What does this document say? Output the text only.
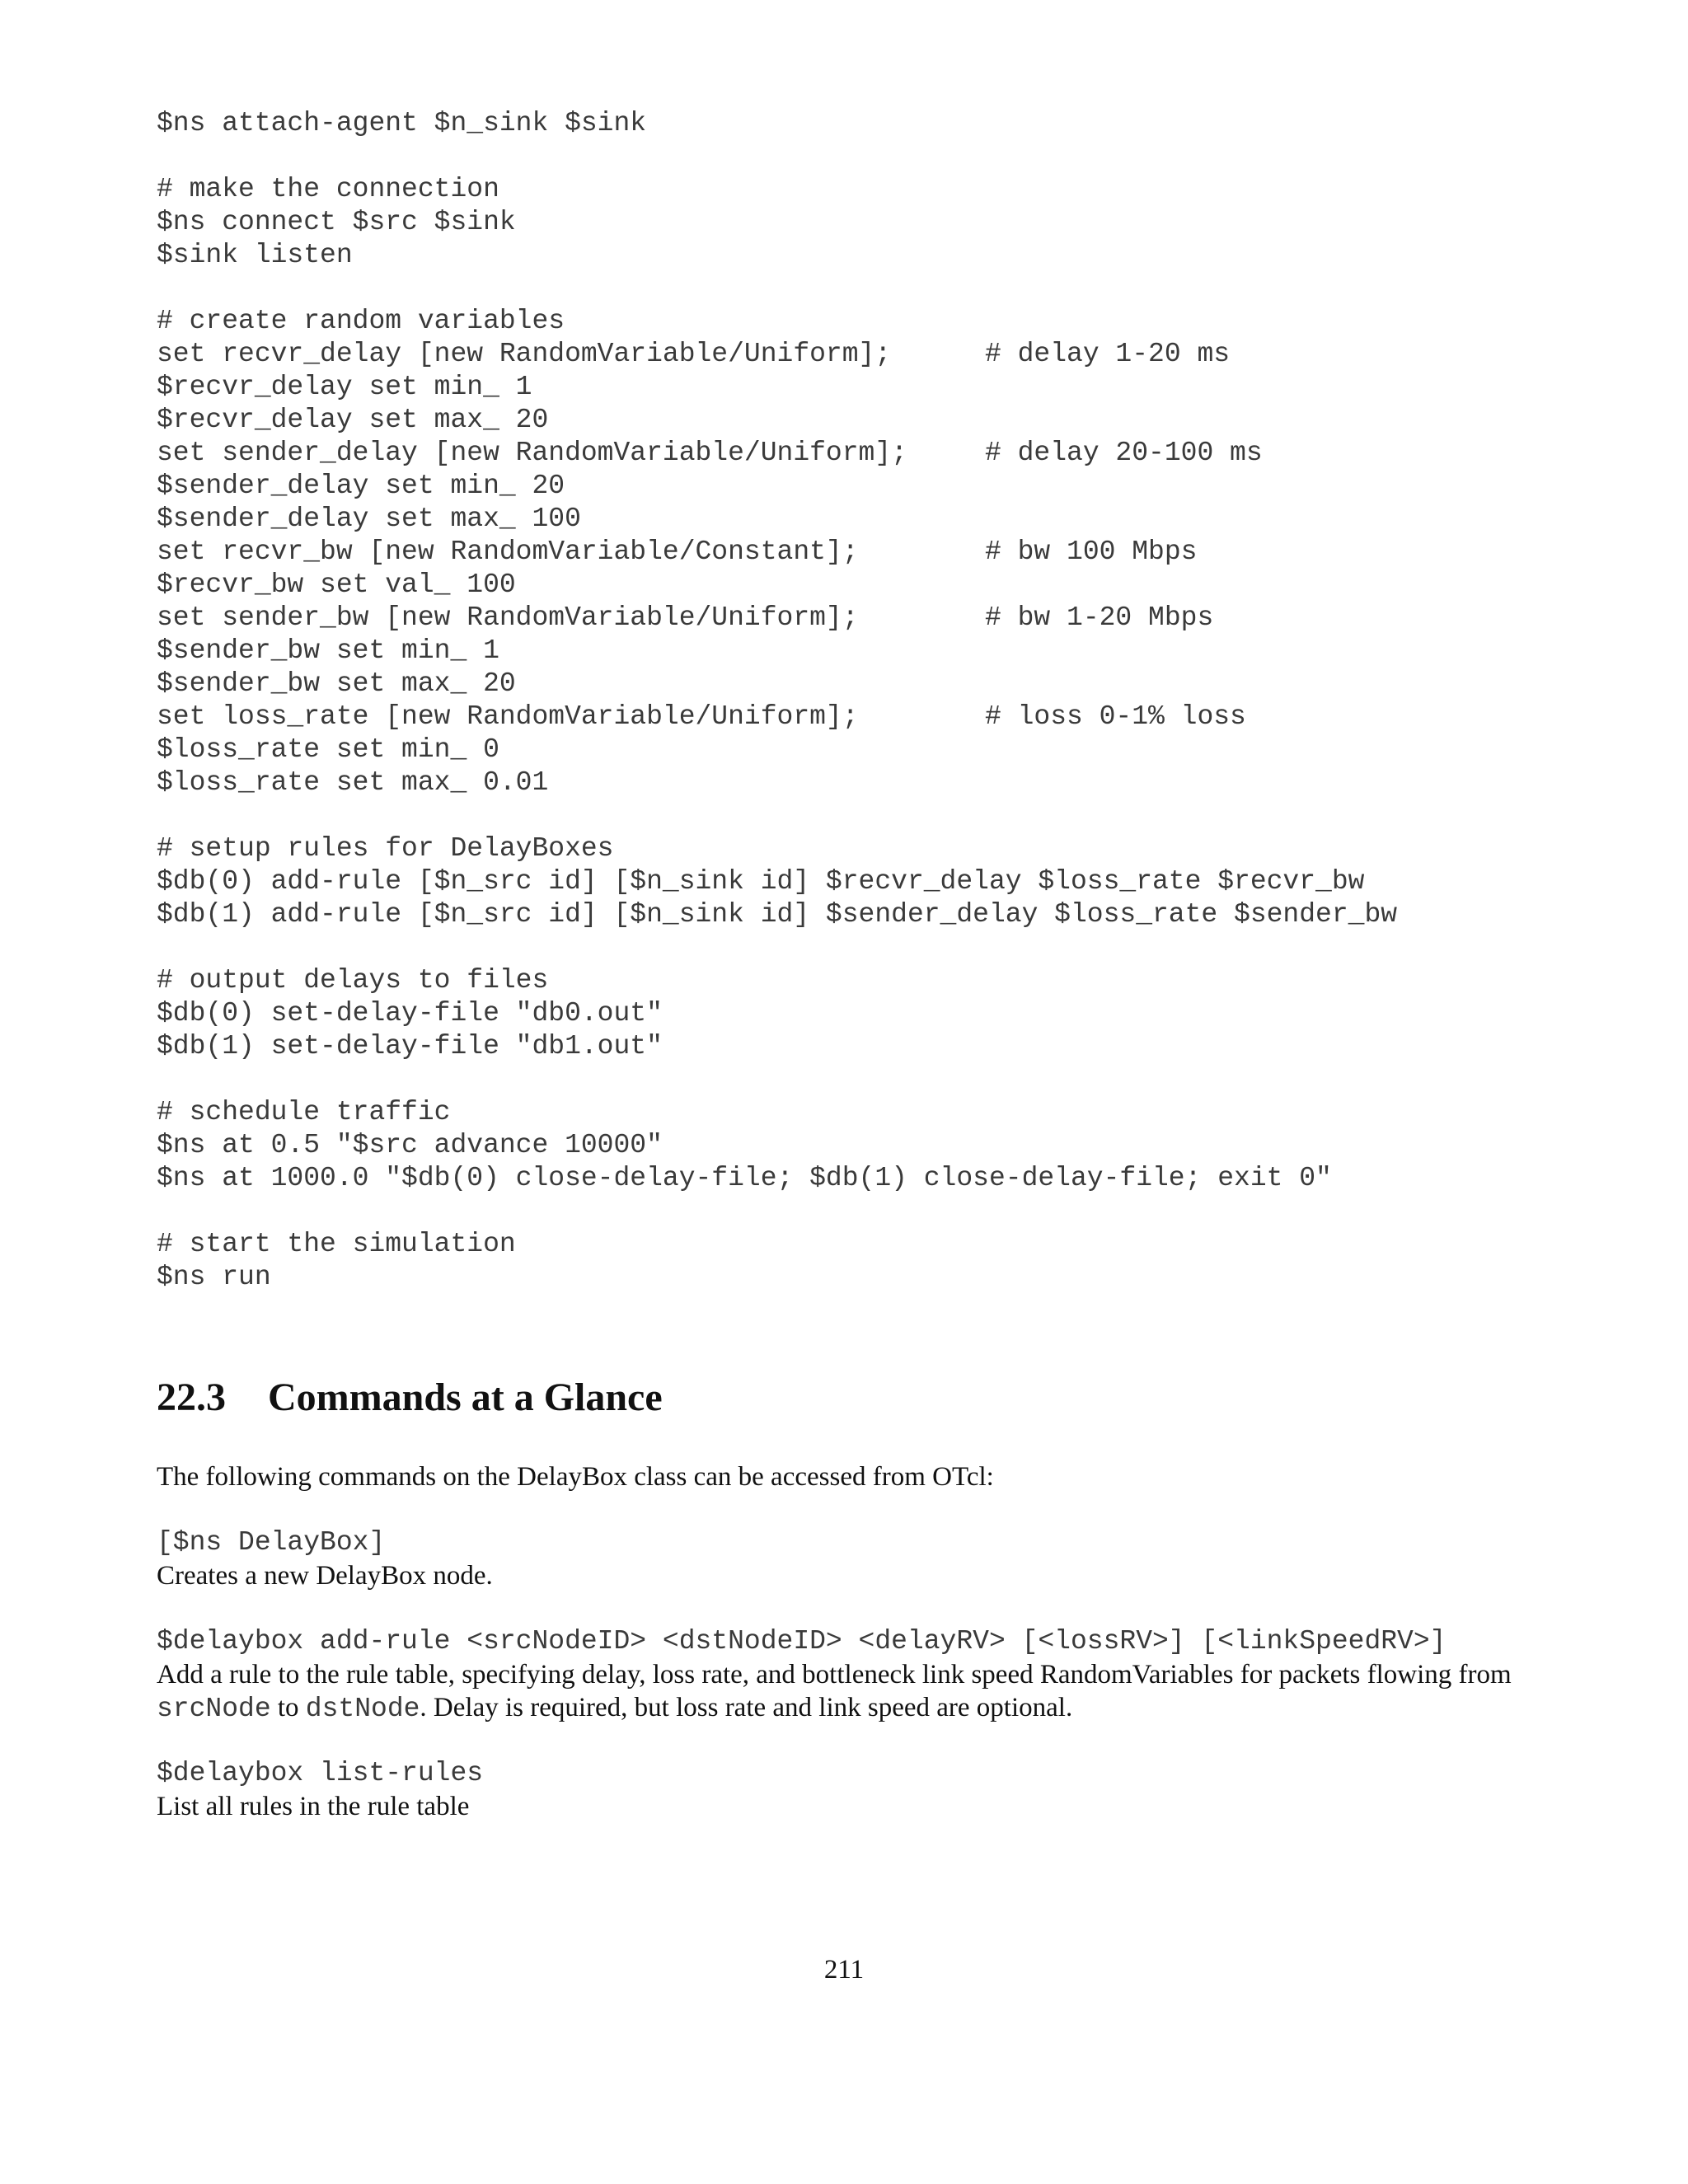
$ns attach-agent $n_sink $sink
# make the connection
$ns connect $src $sink
$sink listen
# create random variables
set recvr_delay [new RandomVariable/Uniform];	# delay 1-20 ms
$recvr_delay set min_ 1
$recvr_delay set max_ 20
set sender_delay [new RandomVariable/Uniform];	# delay 20-100 ms
$sender_delay set min_ 20
$sender_delay set max_ 100
set recvr_bw [new RandomVariable/Constant];	# bw 100 Mbps
$recvr_bw set val_ 100
set sender_bw [new RandomVariable/Uniform];	# bw 1-20 Mbps
$sender_bw set min_ 1
$sender_bw set max_ 20
set loss_rate [new RandomVariable/Uniform];	# loss 0-1% loss
$loss_rate set min_ 0
$loss_rate set max_ 0.01
# setup rules for DelayBoxes
$db(0) add-rule [$n_src id] [$n_sink id] $recvr_delay $loss_rate $recvr_bw
$db(1) add-rule [$n_src id] [$n_sink id] $sender_delay $loss_rate $sender_bw
# output delays to files
$db(0) set-delay-file "db0.out"
$db(1) set-delay-file "db1.out"
# schedule traffic
$ns at 0.5 "$src advance 10000"
$ns at 1000.0 "$db(0) close-delay-file; $db(1) close-delay-file; exit 0"
# start the simulation
$ns run
22.3 Commands at a Glance
The following commands on the DelayBox class can be accessed from OTcl:
[$ns DelayBox]
Creates a new DelayBox node.
$delaybox add-rule <srcNodeID> <dstNodeID> <delayRV> [<lossRV>] [<linkSpeedRV>]
Add a rule to the rule table, specifying delay, loss rate, and bottleneck link speed RandomVariables for packets flowing from srcNode to dstNode. Delay is required, but loss rate and link speed are optional.
$delaybox list-rules
List all rules in the rule table
211
